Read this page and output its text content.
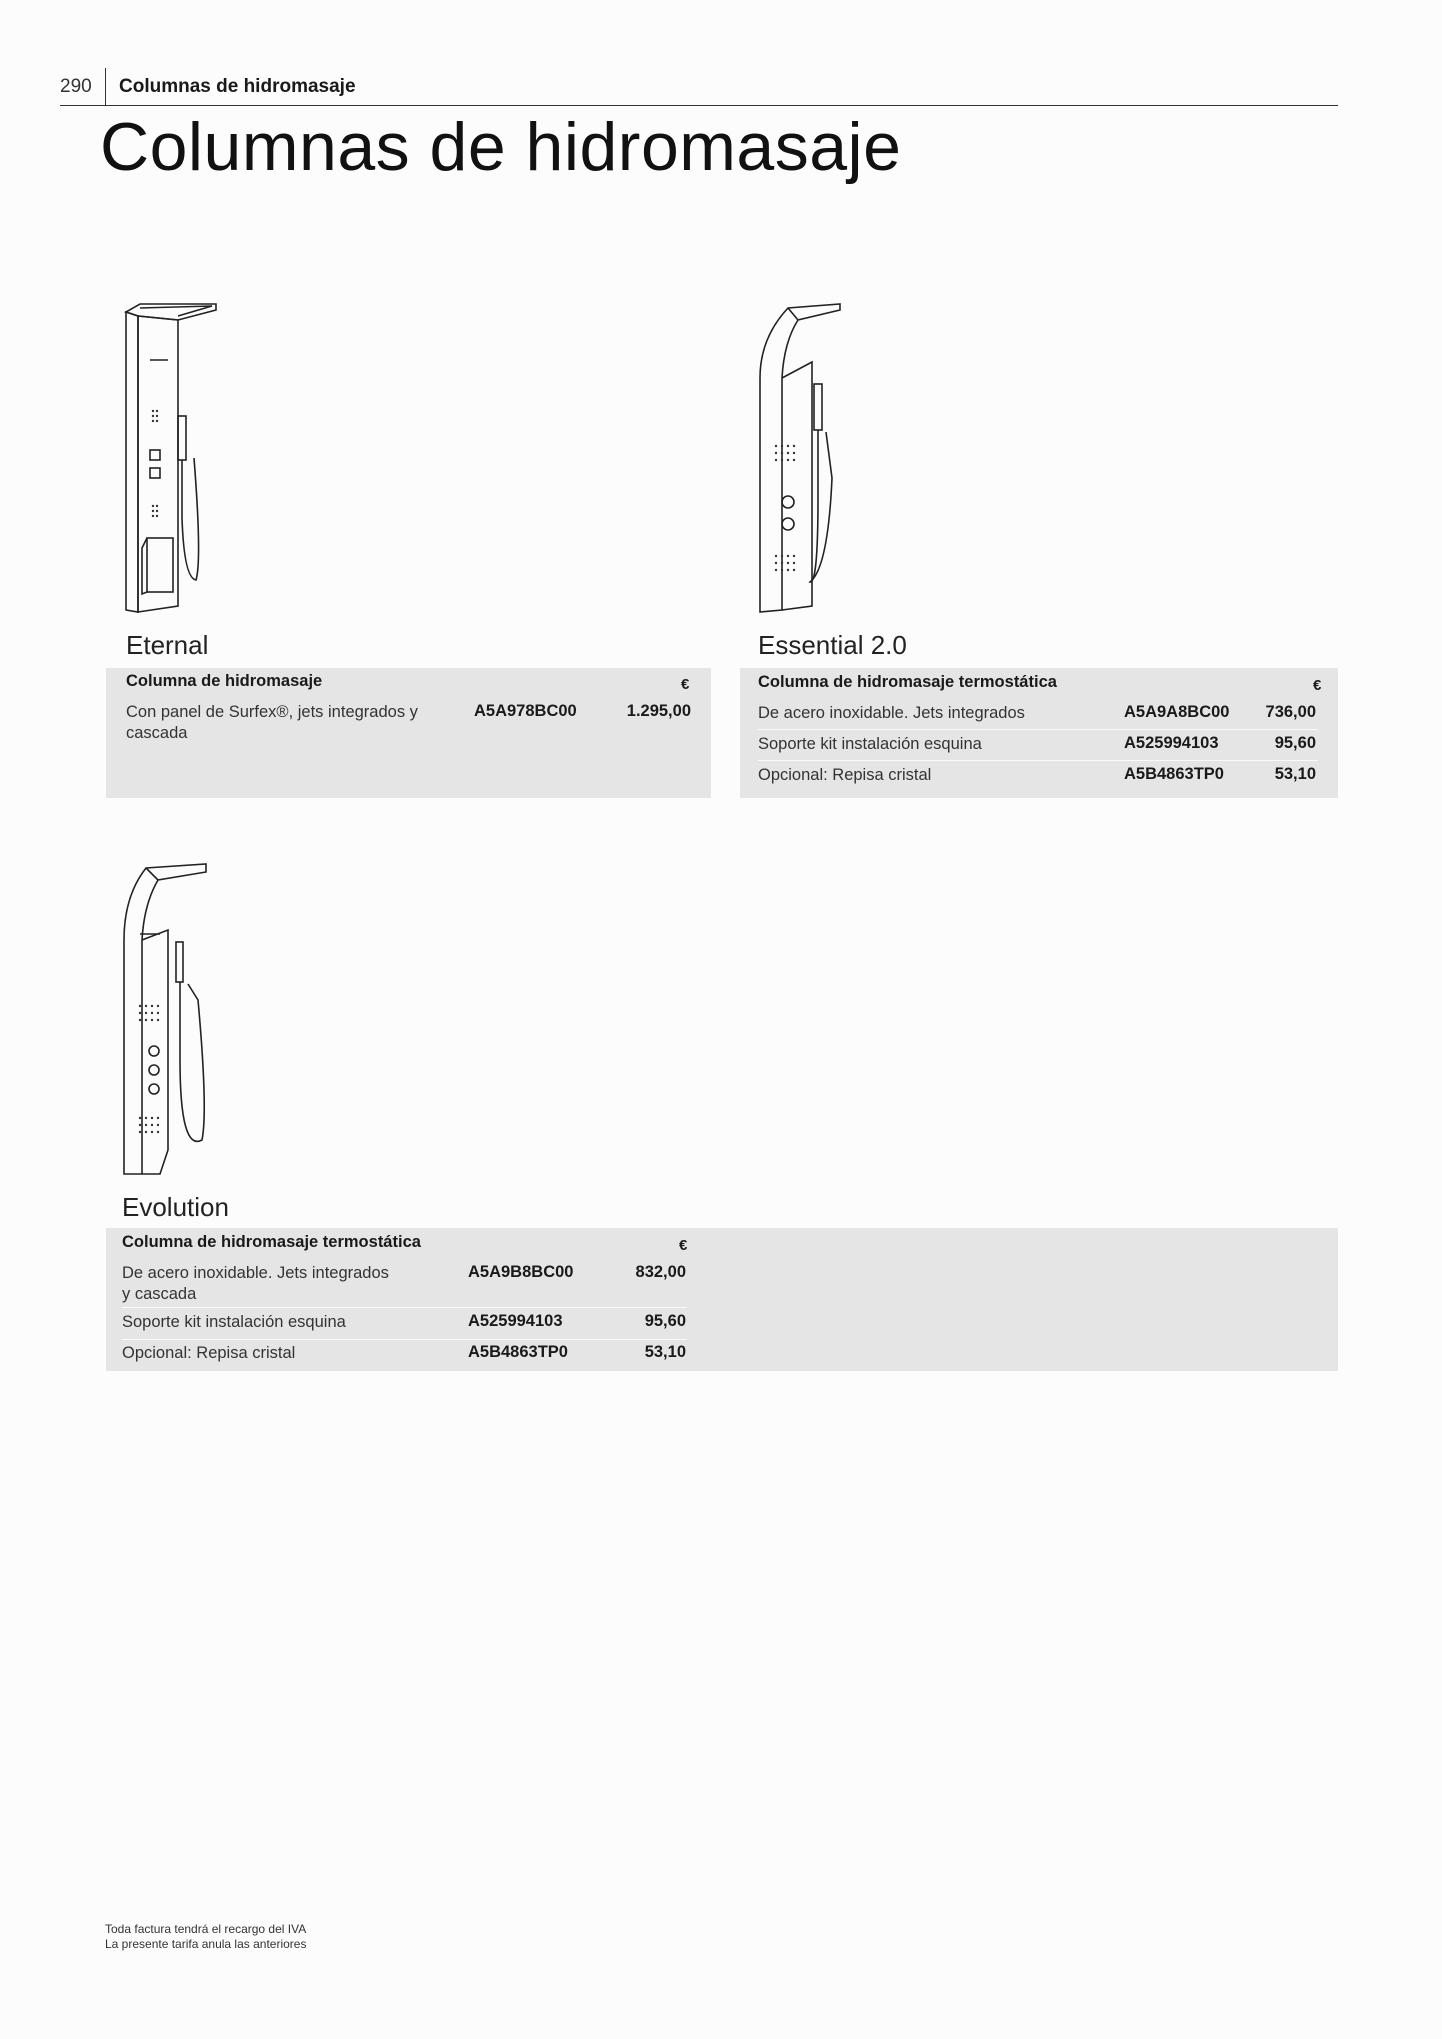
290 Columnas de hidromasaje
Columnas de hidromasaje
Eternal
Columna de hidromasaje	€
Con panel de Surfex®, jets integrados y
cascada
A5A978BC00	1.295,00
Essential 2.0
Columna de hidromasaje termostática	€
De acero inoxidable. Jets integrados	A5A9A8BC00	736,00
Soporte kit instalación esquina	A525994103	95,60
Opcional: Repisa cristal	A5B4863TP0	53,10
Evolution
Columna de hidromasaje termostática	€
De acero inoxidable. Jets integrados
y cascada
A5A9B8BC00	832,00
Soporte kit instalación esquina	A525994103	95,60
Opcional: Repisa cristal	A5B4863TP0	53,10
Toda factura tendrá el recargo del IVA
La presente tarifa anula las anteriores
